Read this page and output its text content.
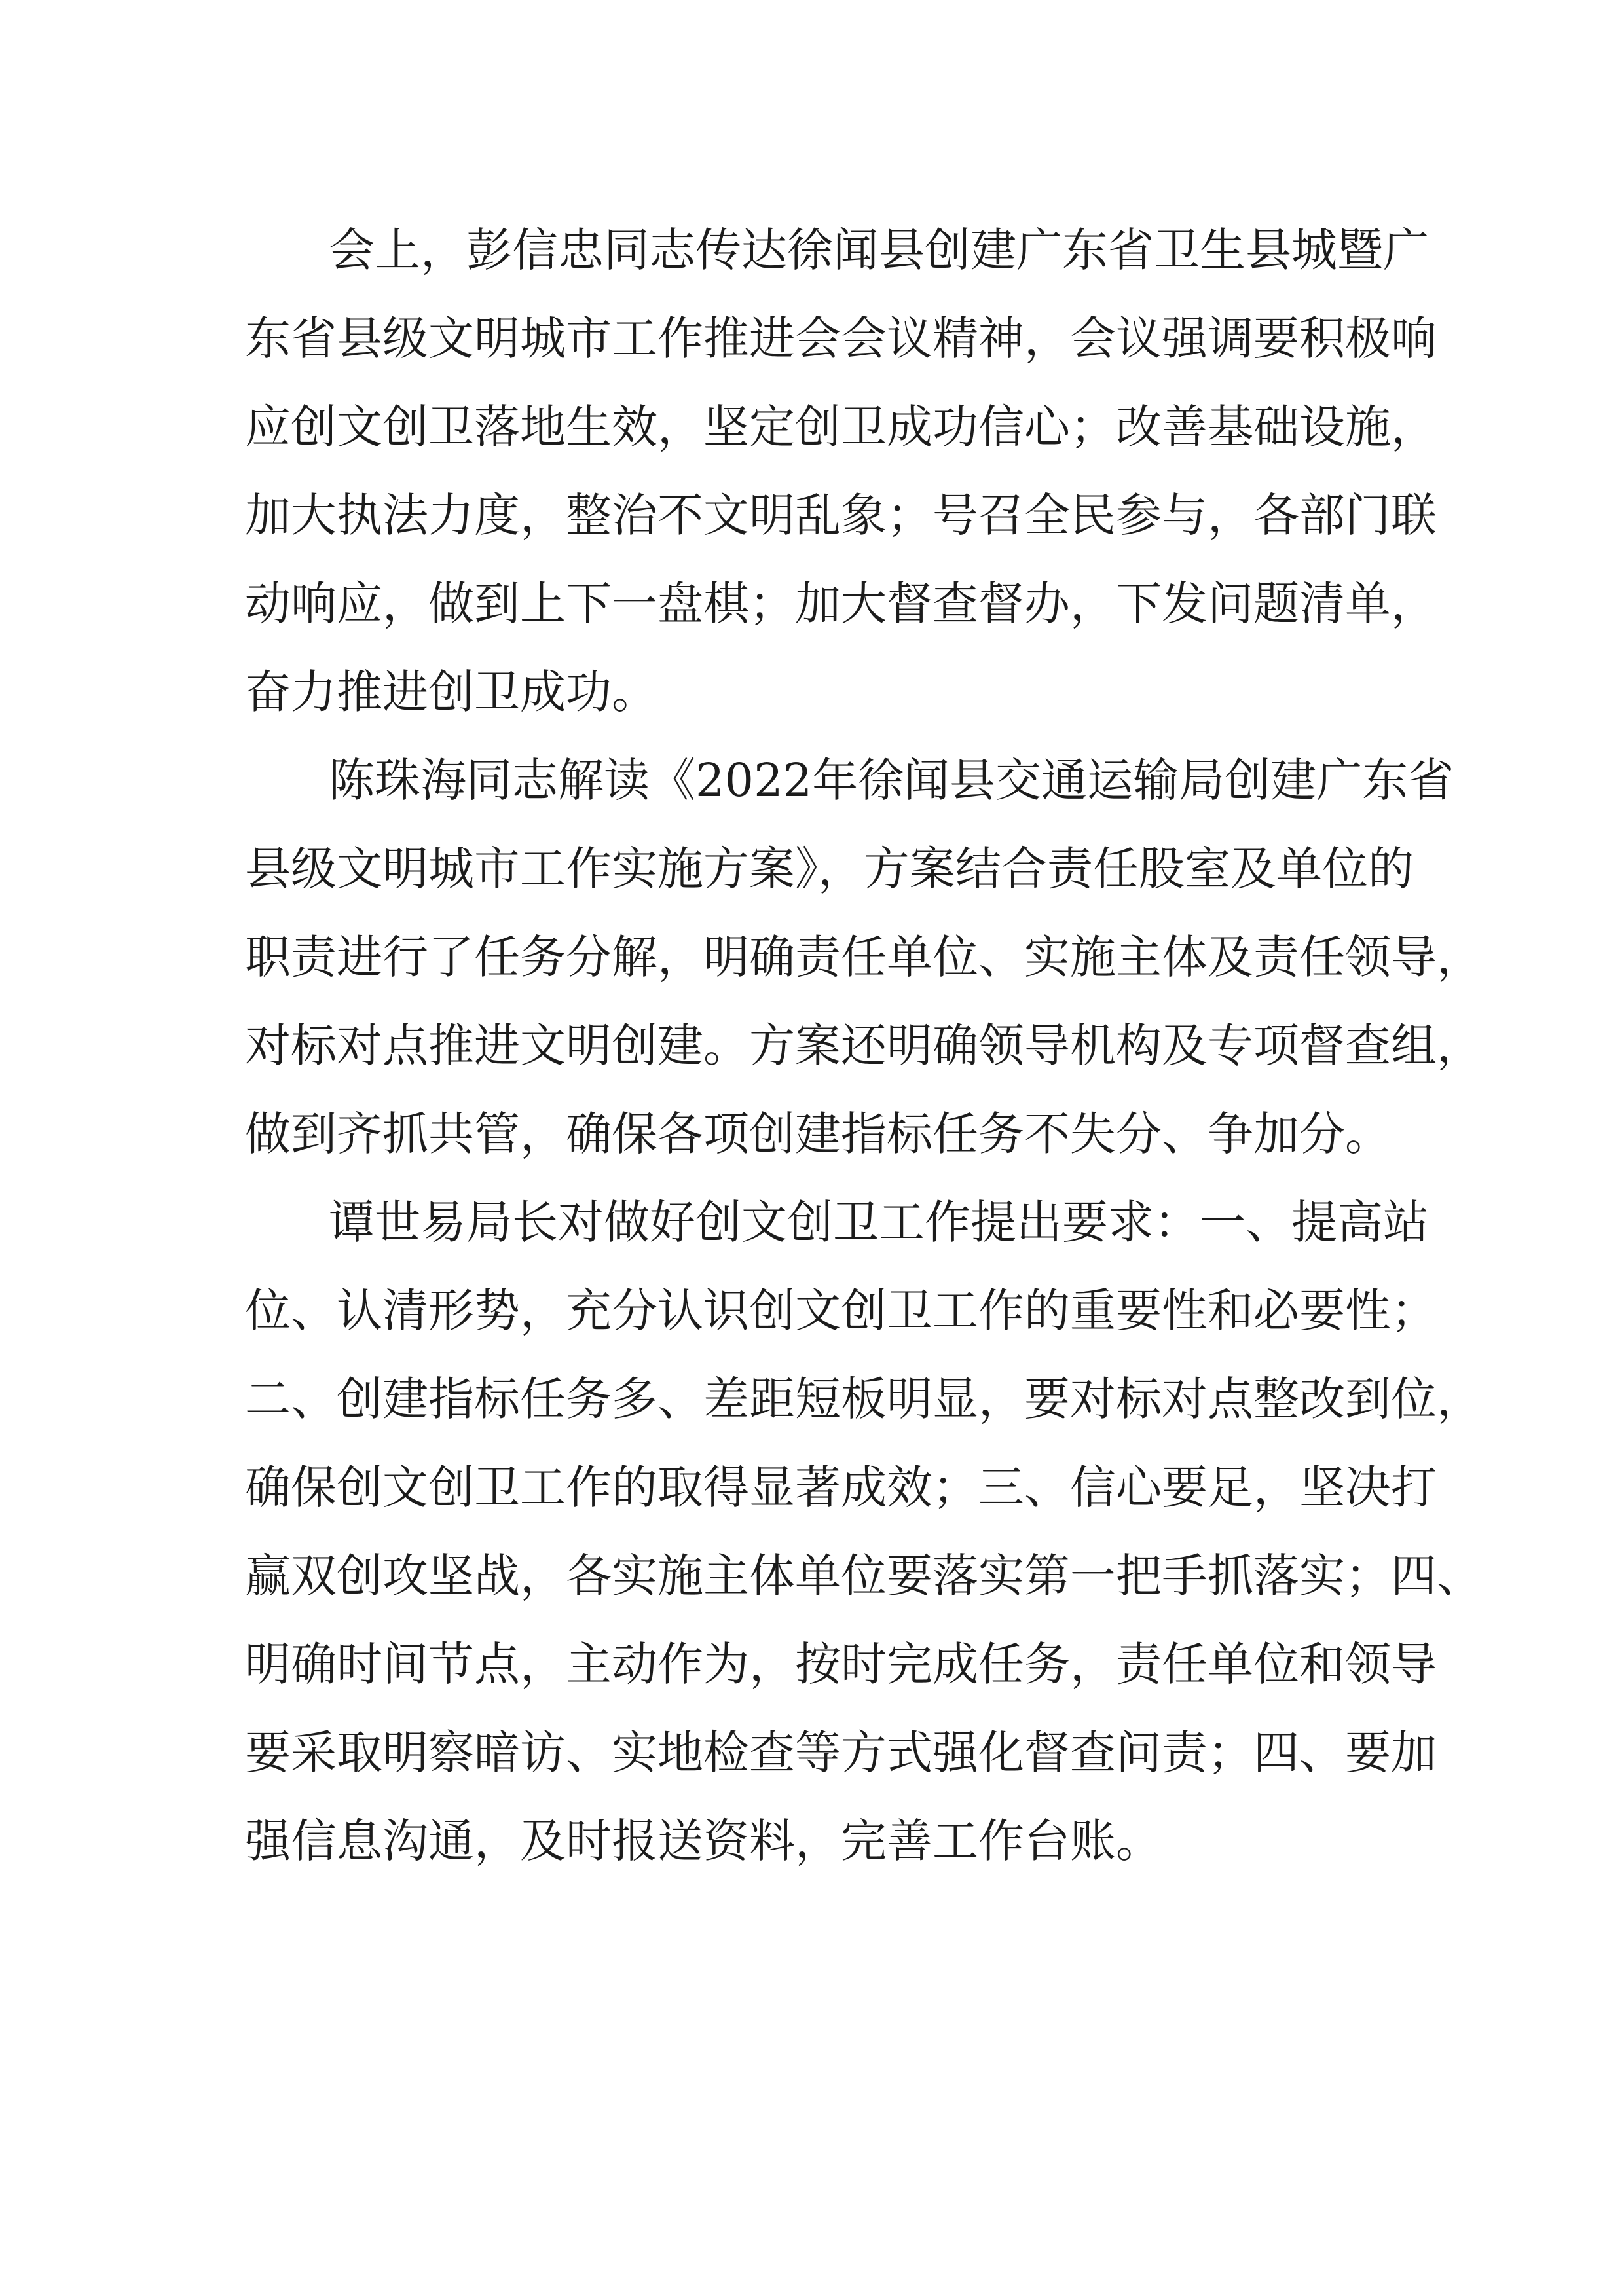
会上，彭信忠同志传达徐闻县创建广东省卫生县城暨广
东省县级文明城市工作推进会会议精神，会议强调要积极响
应创文创卫落地生效，坚定创卫成功信心；改善基础设施，
加大执法力度，整治不文明乱象；号召全民参与，各部门联
动响应，做到上下一盘棋；加大督查督办，下发问题清单，
奋力推进创卫成功。
陈珠海同志解读《2022年徐闻县交通运输局创建广东省
县级文明城市工作实施方案》，方案结合责任股室及单位的
职责进行了任务分解，明确责任单位、实施主体及责任领导，
对标对点推进文明创建。方案还明确领导机构及专项督查组，
做到齐抓共管，确保各项创建指标任务不失分、争加分。
谭世易局长对做好创文创卫工作提出要求：一、提高站
位、认清形势，充分认识创文创卫工作的重要性和必要性；
二、创建指标任务多、差距短板明显，要对标对点整改到位，
确保创文创卫工作的取得显著成效；三、信心要足，坚决打
赢双创攻坚战，各实施主体单位要落实第一把手抓落实；四、
明确时间节点，主动作为，按时完成任务，责任单位和领导
要采取明察暗访、实地检查等方式强化督查问责；四、要加
强信息沟通，及时报送资料，完善工作台账。
